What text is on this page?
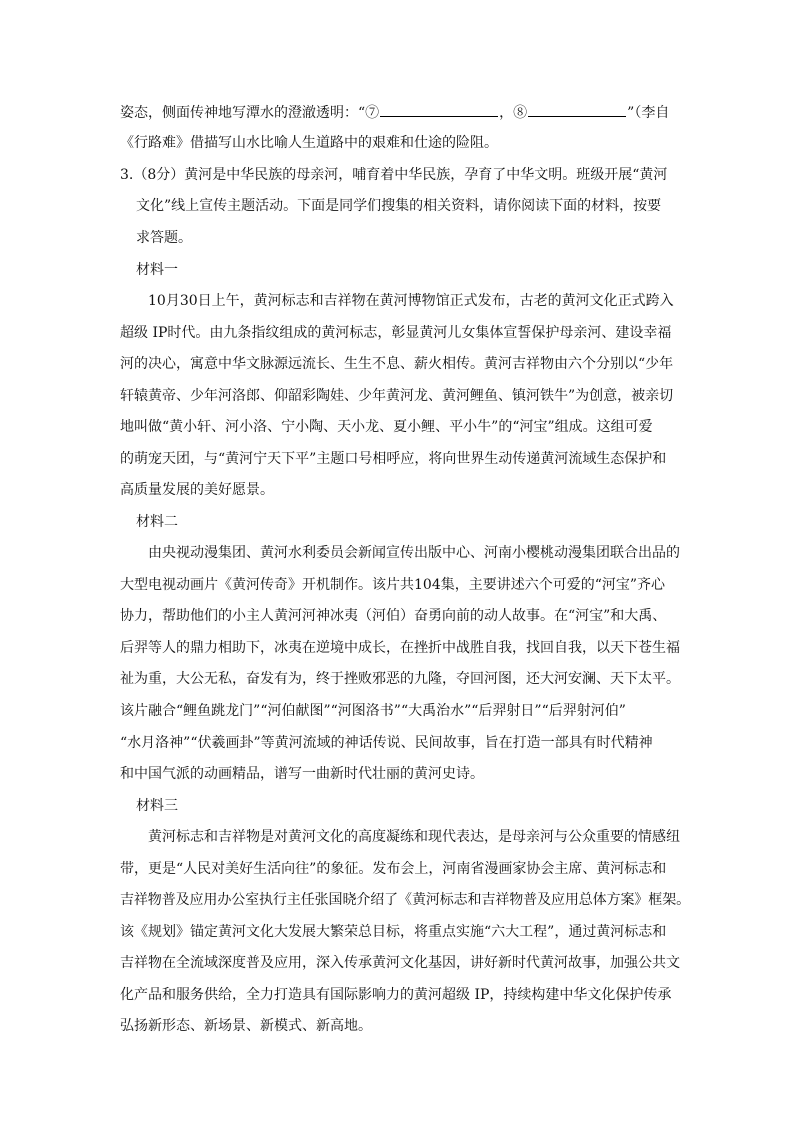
姿态，侧面传神地写潭水的澄澈透明：“⑦	，⑧	”（李自
《行路难》借描写山水比喻人生道路中的艰难和仕途的险阻。
3.（8分）黄河是中华民族的母亲河，哺育着中华民族，孕育了中华文明。班级开展“黄河
文化”线上宣传主题活动。下面是同学们搜集的相关资料，请你阅读下面的材料，按要
求答题。
材料一
10月30日上午，黄河标志和吉祥物在黄河博物馆正式发布，古老的黄河文化正式跨入
超级 IP时代。由九条指纹组成的黄河标志，彰显黄河儿女集体宣誓保护母亲河、建设幸福
河的决心，寓意中华文脉源远流长、生生不息、薪火相传。黄河吉祥物由六个分别以“少年
轩辕黄帝、少年河洛郎、仰韶彩陶娃、少年黄河龙、黄河鲤鱼、镇河铁牛”为创意，被亲切
地叫做“黄小轩、河小洛、宁小陶、天小龙、夏小鲤、平小牛”的“河宝”组成。这组可爱
的萌宠天团，与“黄河宁天下平”主题口号相呼应，将向世界生动传递黄河流域生态保护和
高质量发展的美好愿景。
材料二
由央视动漫集团、黄河水利委员会新闻宣传出版中心、河南小樱桃动漫集团联合出品的
大型电视动画片《黄河传奇》开机制作。该片共104集，主要讲述六个可爱的“河宝”齐心
协力，帮助他们的小主人黄河河神冰夷（河伯）奋勇向前的动人故事。在“河宝”和大禹、
后羿等人的鼎力相助下，冰夷在逆境中成长，在挫折中战胜自我，找回自我，以天下苍生福
祉为重，大公无私，奋发有为，终于挫败邪恶的九隆，夺回河图，还大河安澜、天下太平。
该片融合“鲤鱼跳龙门”“河伯献图”“河图洛书”“大禹治水”“后羿射日”“后羿射河伯”
“水月洛神”“伏羲画卦”等黄河流域的神话传说、民间故事，旨在打造一部具有时代精神
和中国气派的动画精品，谱写一曲新时代壮丽的黄河史诗。
材料三
黄河标志和吉祥物是对黄河文化的高度凝练和现代表达，是母亲河与公众重要的情感纽
带，更是“人民对美好生活向往”的象征。发布会上，河南省漫画家协会主席、黄河标志和
吉祥物普及应用办公室执行主任张国晓介绍了《黄河标志和吉祥物普及应用总体方案》框架。
该《规划》锚定黄河文化大发展大繁荣总目标，将重点实施“六大工程”，通过黄河标志和
吉祥物在全流域深度普及应用，深入传承黄河文化基因，讲好新时代黄河故事，加强公共文
化产品和服务供给，全力打造具有国际影响力的黄河超级 IP，持续构建中华文化保护传承
弘扬新形态、新场景、新模式、新高地。
